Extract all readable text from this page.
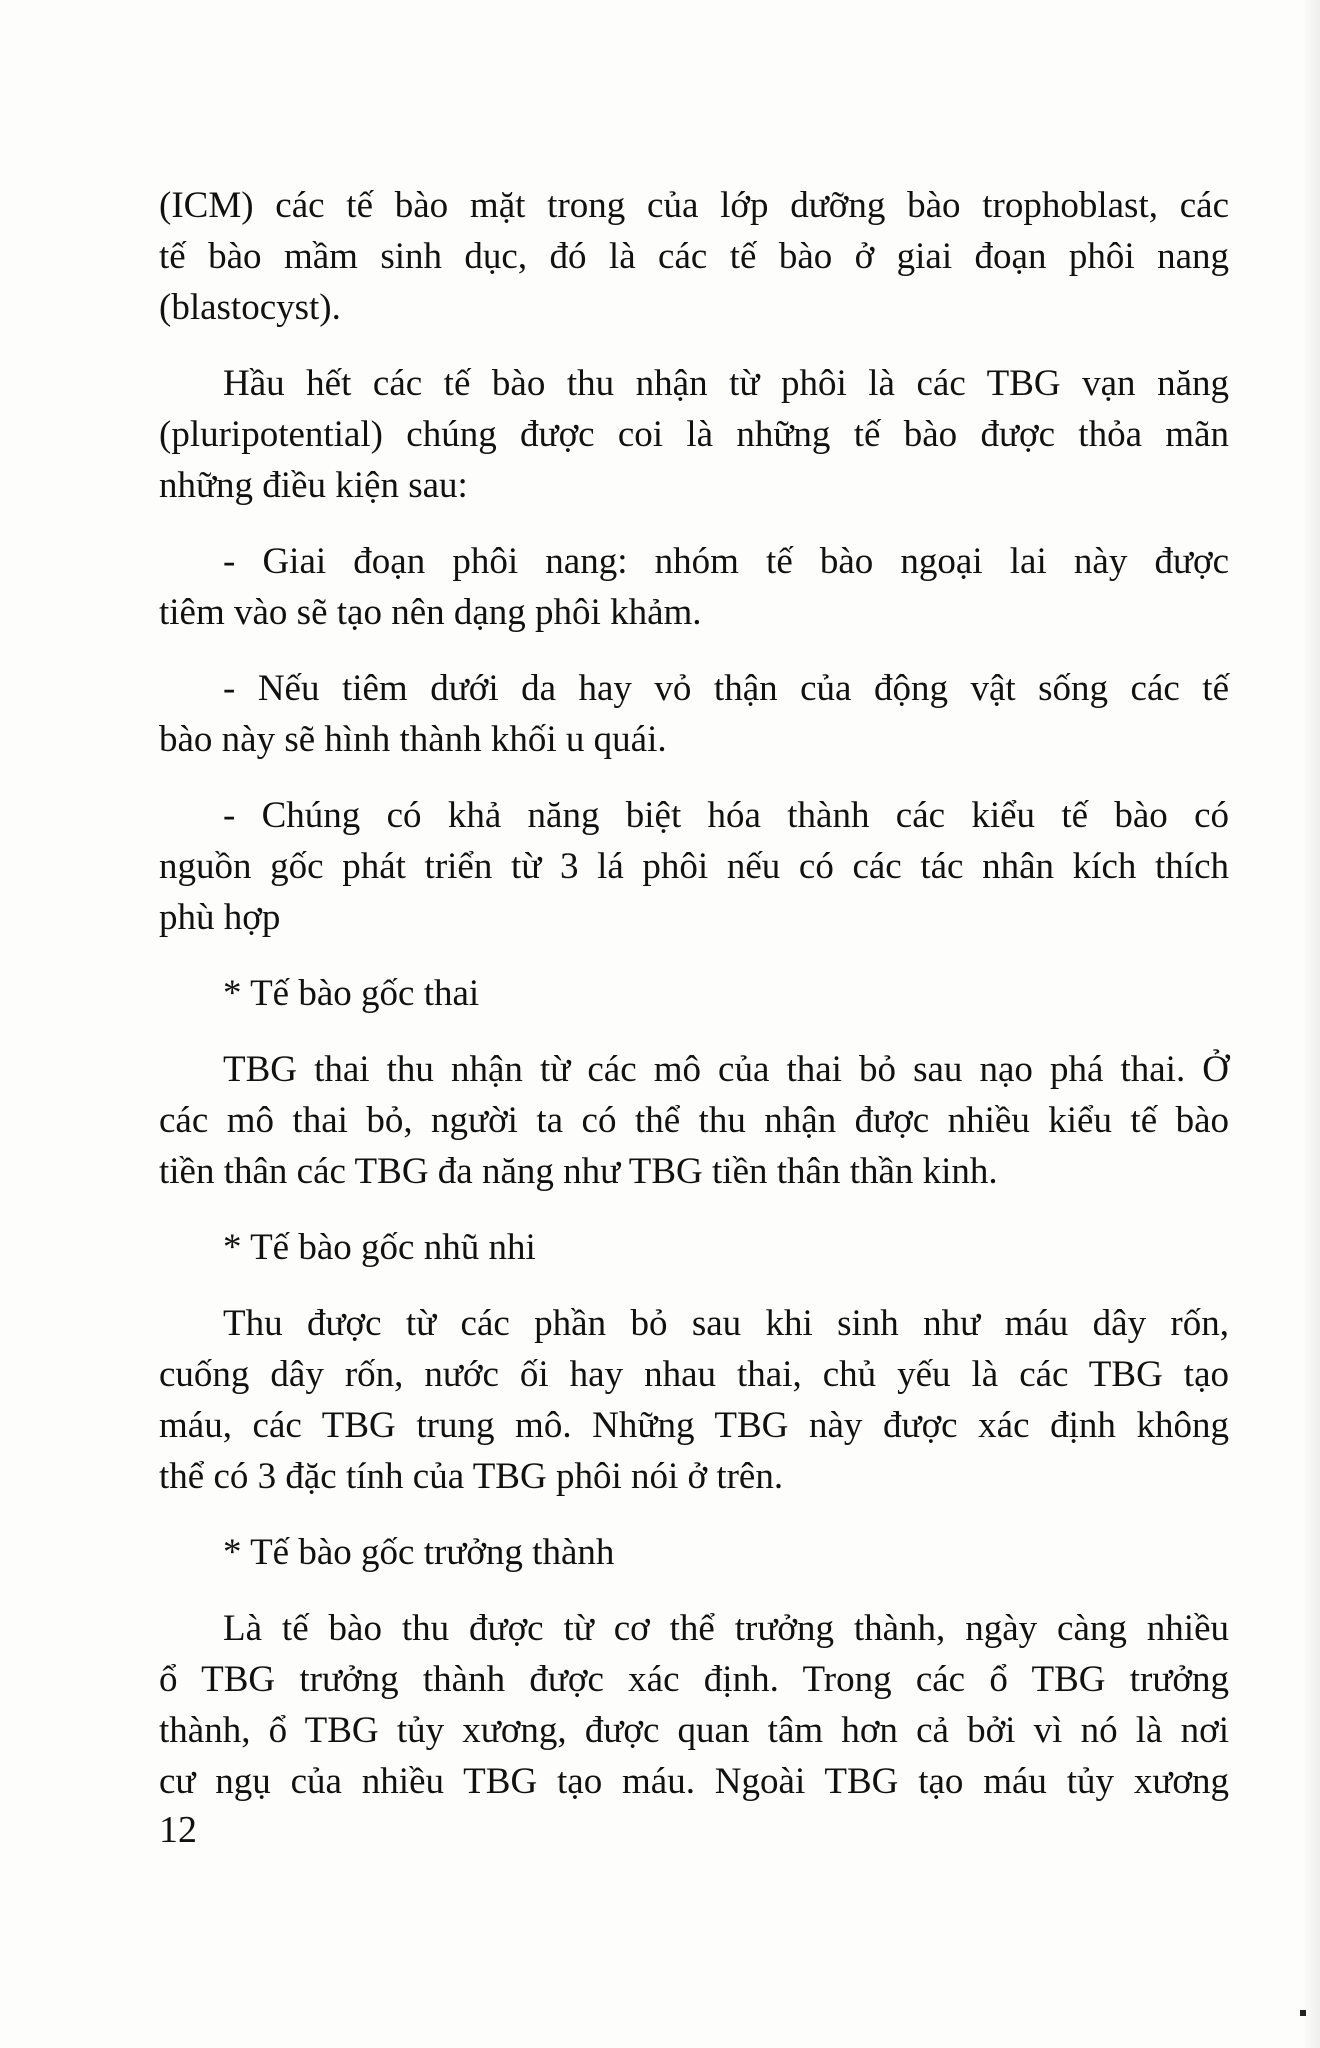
(ICM) các tế bào mặt trong của lớp dưỡng bào trophoblast, các
tế bào mầm sinh dục, đó là các tế bào ở giai đoạn phôi nang
(blastocyst).
Hầu hết các tế bào thu nhận từ phôi là các TBG vạn năng
(pluripotential) chúng được coi là những tế bào được thỏa mãn
những điều kiện sau:
- Giai đoạn phôi nang: nhóm tế bào ngoại lai này được
tiêm vào sẽ tạo nên dạng phôi khảm.
- Nếu tiêm dưới da hay vỏ thận của động vật sống các tế
bào này sẽ hình thành khối u quái.
- Chúng có khả năng biệt hóa thành các kiểu tế bào có
nguồn gốc phát triển từ 3 lá phôi nếu có các tác nhân kích thích
phù hợp
* Tế bào gốc thai
TBG thai thu nhận từ các mô của thai bỏ sau nạo phá thai. Ở
các mô thai bỏ, người ta có thể thu nhận được nhiều kiểu tế bào
tiền thân các TBG đa năng như TBG tiền thân thần kinh.
* Tế bào gốc nhũ nhi
Thu được từ các phần bỏ sau khi sinh như máu dây rốn,
cuống dây rốn, nước ối hay nhau thai, chủ yếu là các TBG tạo
máu, các TBG trung mô. Những TBG này được xác định không
thể có 3 đặc tính của TBG phôi nói ở trên.
* Tế bào gốc trưởng thành
Là tế bào thu được từ cơ thể trưởng thành, ngày càng nhiều
ổ TBG trưởng thành được xác định. Trong các ổ TBG trưởng
thành, ổ TBG tủy xương, được quan tâm hơn cả bởi vì nó là nơi
cư ngụ của nhiều TBG tạo máu. Ngoài TBG tạo máu tủy xương
12
